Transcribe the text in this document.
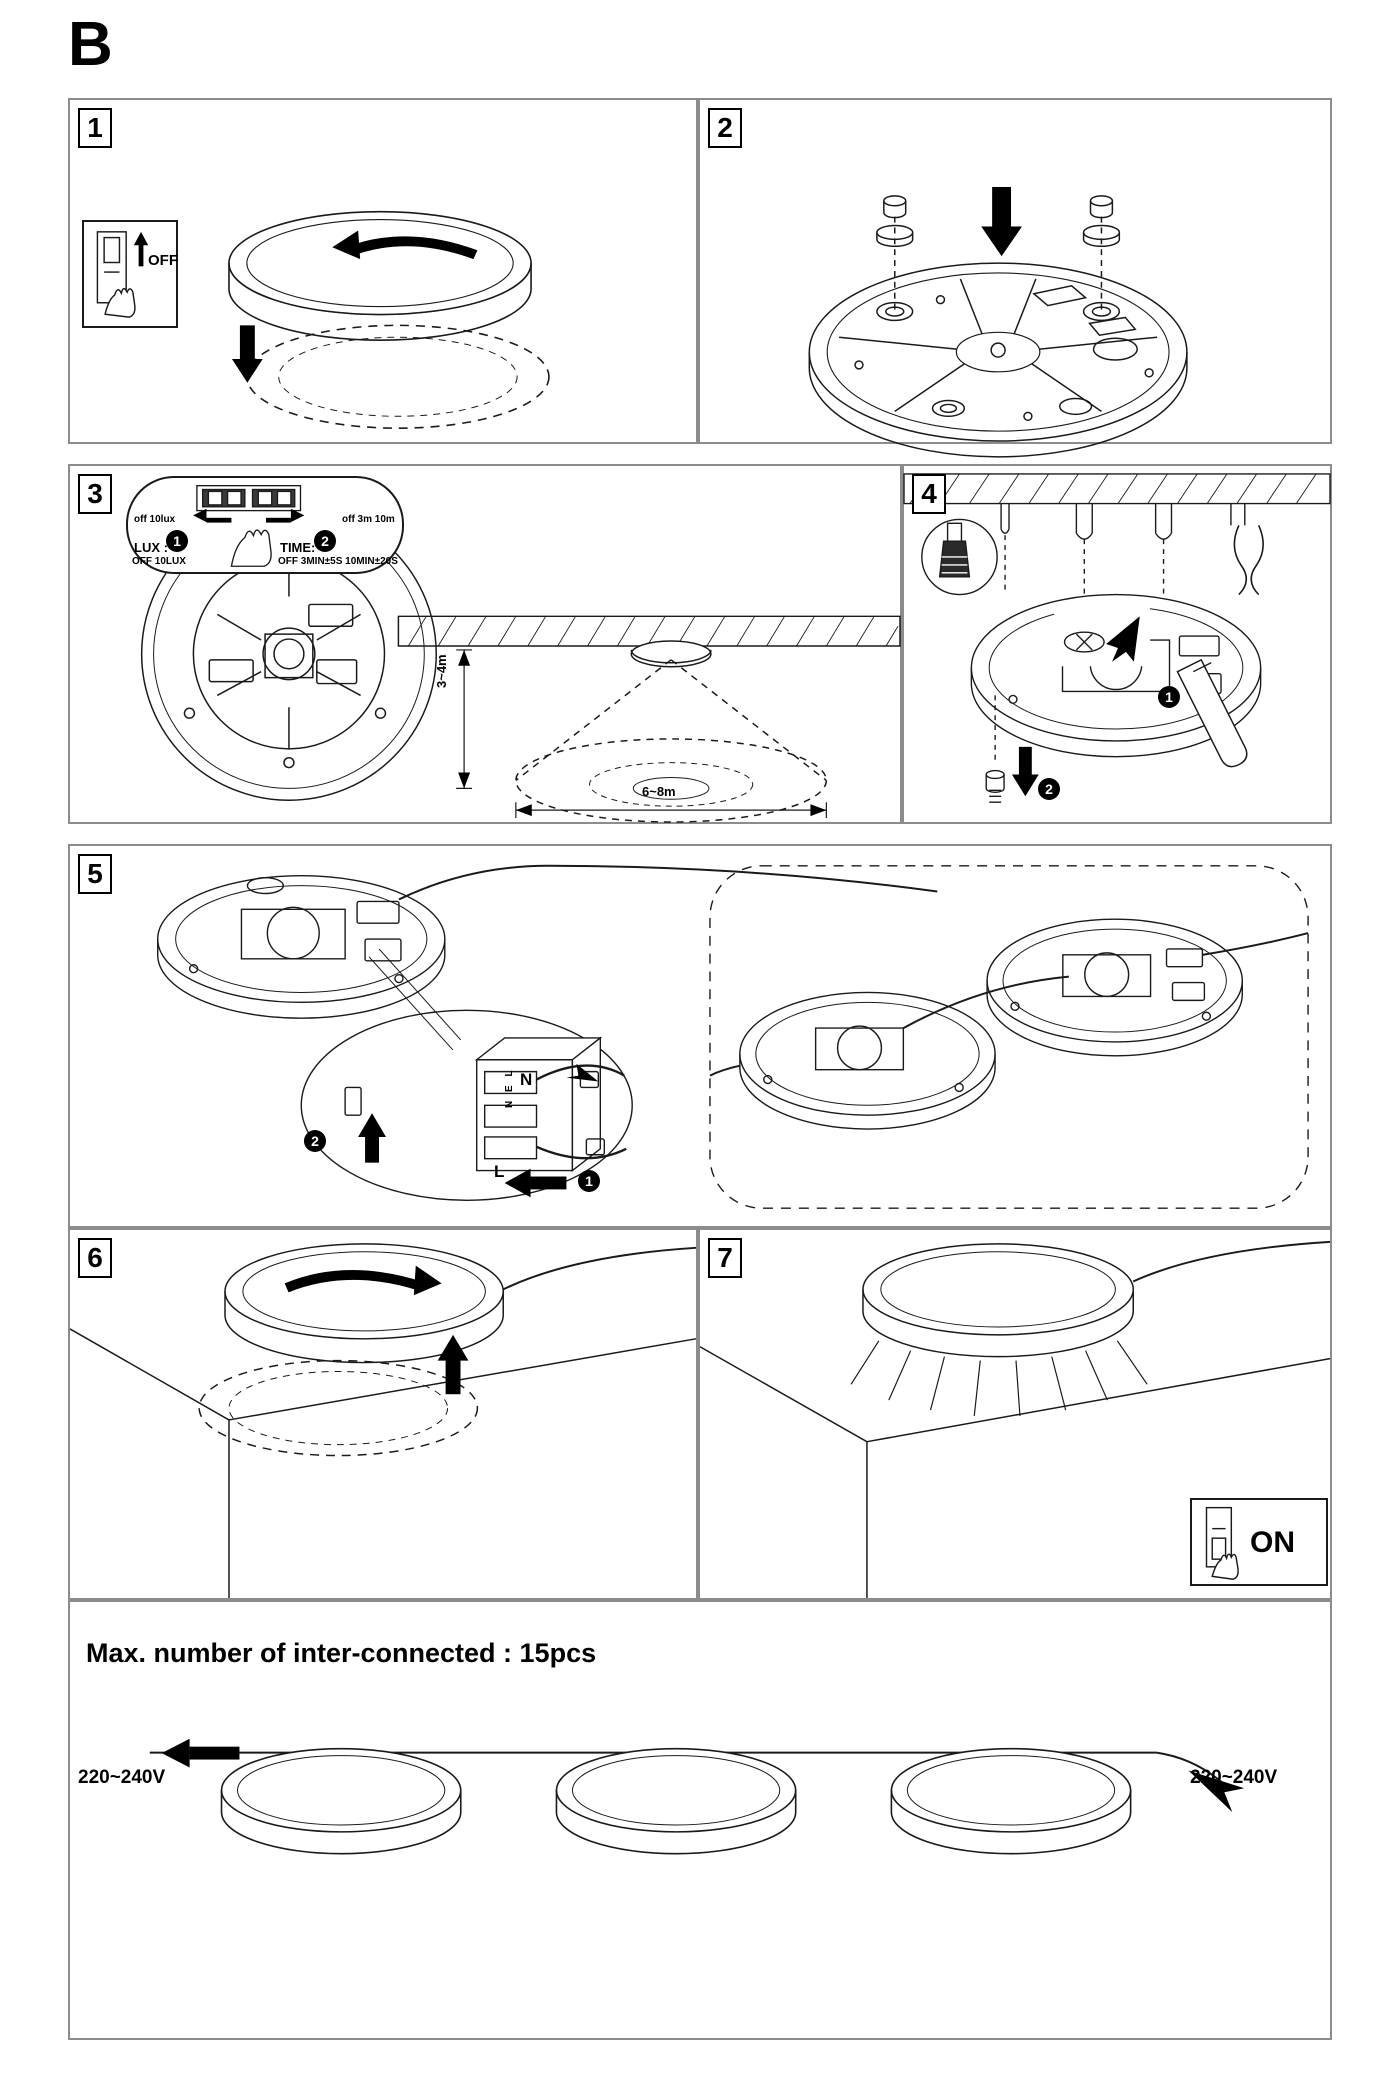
B
1
OFF
2
3
1	2
off 10lux	off 3m 10m
LUX :
OFF 10LUX
TIME:
OFF 3MIN±5S 10MIN±20S
3~4m
6~8m
4
1
2
5
2
1
N
L
N E L
6	7
ON
220~240V	220~240V
Max. number of inter-connected : 15pcs
